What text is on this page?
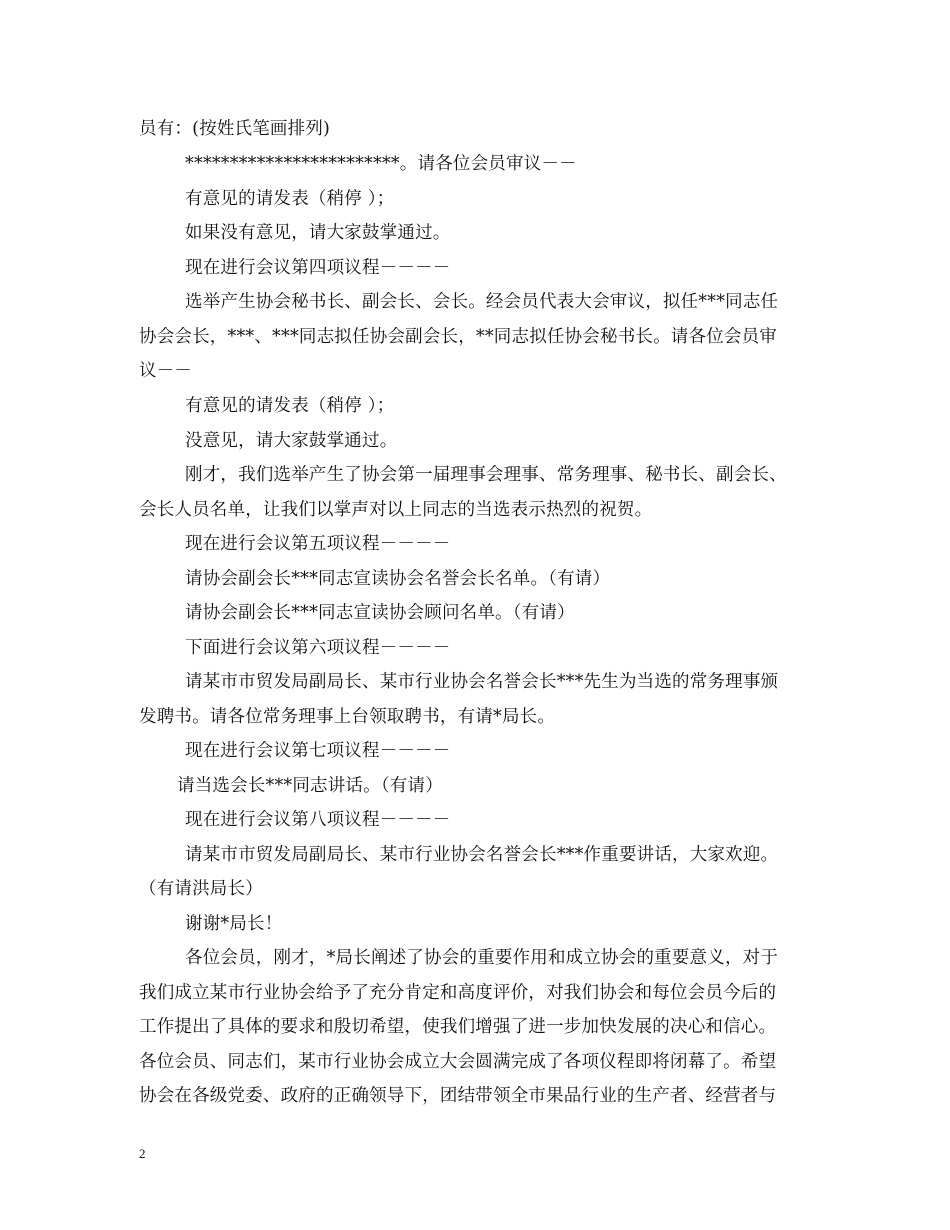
员有：(按姓氏笔画排列)
************************。请各位会员审议－－
有意见的请发表（稍停 ）；
如果没有意见，请大家鼓掌通过。
现在进行会议第四项议程－－－－
选举产生协会秘书长、副会长、会长。经会员代表大会审议，拟任***同志任
协会会长，***、***同志拟任协会副会长，**同志拟任协会秘书长。请各位会员审
议－－
有意见的请发表（稍停 ）；
没意见，请大家鼓掌通过。
刚才，我们选举产生了协会第一届理事会理事、常务理事、秘书长、副会长、
会长人员名单，让我们以掌声对以上同志的当选表示热烈的祝贺。
现在进行会议第五项议程－－－－
请协会副会长***同志宣读协会名誉会长名单。（有请）
请协会副会长***同志宣读协会顾问名单。（有请）
下面进行会议第六项议程－－－－
请某市市贸发局副局长、某市行业协会名誉会长***先生为当选的常务理事颁
发聘书。请各位常务理事上台领取聘书，有请*局长。
现在进行会议第七项议程－－－－
请当选会长***同志讲话。（有请）
现在进行会议第八项议程－－－－
请某市市贸发局副局长、某市行业协会名誉会长***作重要讲话，大家欢迎。
（有请洪局长）
谢谢*局长！
各位会员，刚才，*局长阐述了协会的重要作用和成立协会的重要意义，对于
我们成立某市行业协会给予了充分肯定和高度评价，对我们协会和每位会员今后的
工作提出了具体的要求和殷切希望，使我们增强了进一步加快发展的决心和信心。
各位会员、同志们，某市行业协会成立大会圆满完成了各项仪程即将闭幕了。希望
协会在各级党委、政府的正确领导下，团结带领全市果品行业的生产者、经营者与
2
